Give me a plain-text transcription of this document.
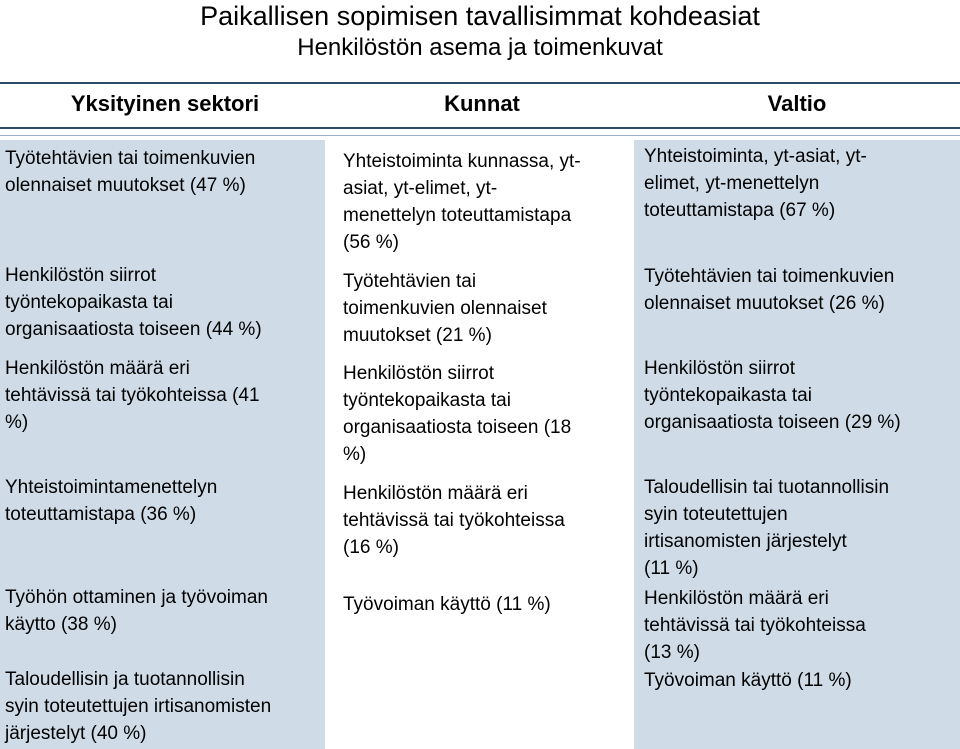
Paikallisen sopimisen tavallisimmat kohdeasiat
Henkilöstön asema ja toimenkuvat
Yksityinen sektori	Kunnat	Valtio
Työtehtävien tai toimenkuvien
olennaiset muutokset (47 %)
Henkilöstön siirrot
työntekopaikasta tai
organisaatiosta toiseen (44 %)
Henkilöstön määrä eri
tehtävissä tai työkohteissa (41
%)
Yhteistoimintamenettelyn
toteuttamistapa (36 %)
Työhön ottaminen ja työvoiman
käytto (38 %)
Taloudellisin ja tuotannollisin
syin toteutettujen irtisanomisten
järjestelyt (40 %)
Yhteistoiminta kunnassa, yt-
asiat, yt-elimet, yt-
menettelyn toteuttamistapa
(56 %)
Työtehtävien tai
toimenkuvien olennaiset
muutokset (21 %)
Henkilöstön siirrot
työntekopaikasta tai
organisaatiosta toiseen (18
%)
Henkilöstön määrä eri
tehtävissä tai työkohteissa
(16 %)
Työvoiman käyttö (11 %)
Yhteistoiminta, yt-asiat, yt-
elimet, yt-menettelyn
toteuttamistapa (67 %)
Työtehtävien tai toimenkuvien
olennaiset muutokset (26 %)
Henkilöstön siirrot
työntekopaikasta tai
organisaatiosta toiseen (29 %)
Taloudellisin tai tuotannollisin
syin toteutettujen
irtisanomisten järjestelyt
(11 %)
Henkilöstön määrä eri
tehtävissä tai työkohteissa
(13 %)
Työvoiman käyttö (11 %)
